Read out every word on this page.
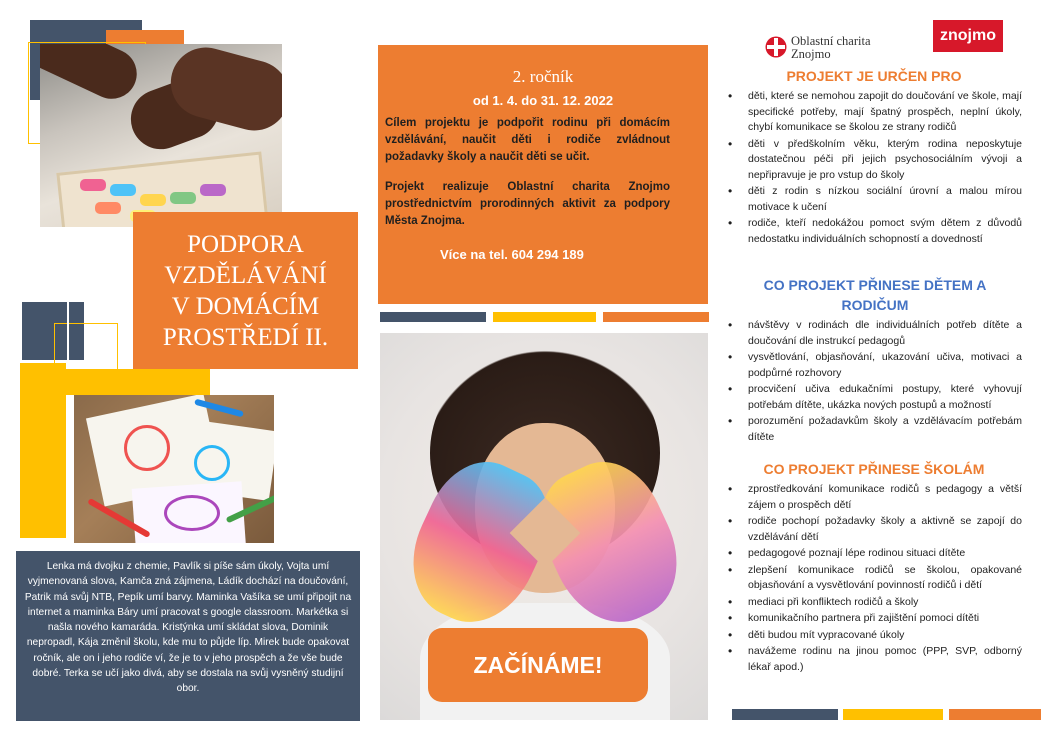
PODPORA
VZDĚLÁVÁNÍ
V DOMÁCÍM
PROSTŘEDÍ II.
Lenka má dvojku z chemie, Pavlík si píše sám úkoly, Vojta umí vyjmenovaná slova, Kamča zná zájmena, Ládík dochází na doučování, Patrik má svůj NTB, Pepík umí barvy. Maminka Vašíka se umí připojit na internet a maminka Báry umí pracovat s google classroom. Markétka si našla nového kamaráda. Kristýnka umí skládat slova, Dominik nepropadl, Kája změnil školu, kde mu to půjde líp. Mirek bude opakovat ročník, ale on i jeho rodiče ví, že je to v jeho prospěch a že vše bude dobré. Terka se učí jako divá, aby se dostala na svůj vysněný studijní obor.
2. ročník
od 1. 4. do 31. 12. 2022

Cílem projektu je podpořit rodinu při domácím vzdělávání, naučit děti i rodiče zvládnout požadavky školy a naučit děti se učit.

Projekt realizuje Oblastní charita Znojmo prostřednictvím prorodinných aktivit za podpory Města Znojma.

Více na tel. 604 294 189
ZAČÍNÁME!
Oblastní charita
Znojmo
znojmo
PROJEKT JE URČEN PRO
• děti, které se nemohou zapojit do doučování ve škole, mají specifické potřeby, mají špatný prospěch, neplní úkoly, chybí komunikace se školou ze strany rodičů
• děti v předškolním věku, kterým rodina neposkytuje dostatečnou péči při jejich psychosociálním vývoji a nepřipravuje je pro vstup do školy
• děti z rodin s nízkou sociální úrovní a malou mírou motivace k učení
• rodiče, kteří nedokážou pomoct svým dětem z důvodů nedostatku individuálních schopností a dovedností
CO PROJEKT PŘINESE DĚTEM A RODIČUM
• návštěvy v rodinách dle individuálních potřeb dítěte a doučování dle instrukcí pedagogů
• vysvětlování, objasňování, ukazování učiva, motivaci a podpůrné rozhovory
• procvičení učiva edukačními postupy, které vyhovují potřebám dítěte, ukázka nových postupů a možností
• porozumění požadavkům školy a vzdělávacím potřebám dítěte
CO PROJEKT PŘINESE ŠKOLÁM
• zprostředkování komunikace rodičů s pedagogy a větší zájem o prospěch dětí
• rodiče pochopí požadavky školy a aktivně se zapojí do vzdělávání dětí
• pedagogové poznají lépe rodinou situaci dítěte
• zlepšení komunikace rodičů se školou, opakované objasňování a vysvětlování povinností rodičů i dětí
• mediaci při konfliktech rodičů a školy
• komunikačního partnera při zajištění pomoci dítěti
• děti budou mít vypracované úkoly
• navážeme rodinu na jinou pomoc (PPP, SVP, odborný lékař apod.)
